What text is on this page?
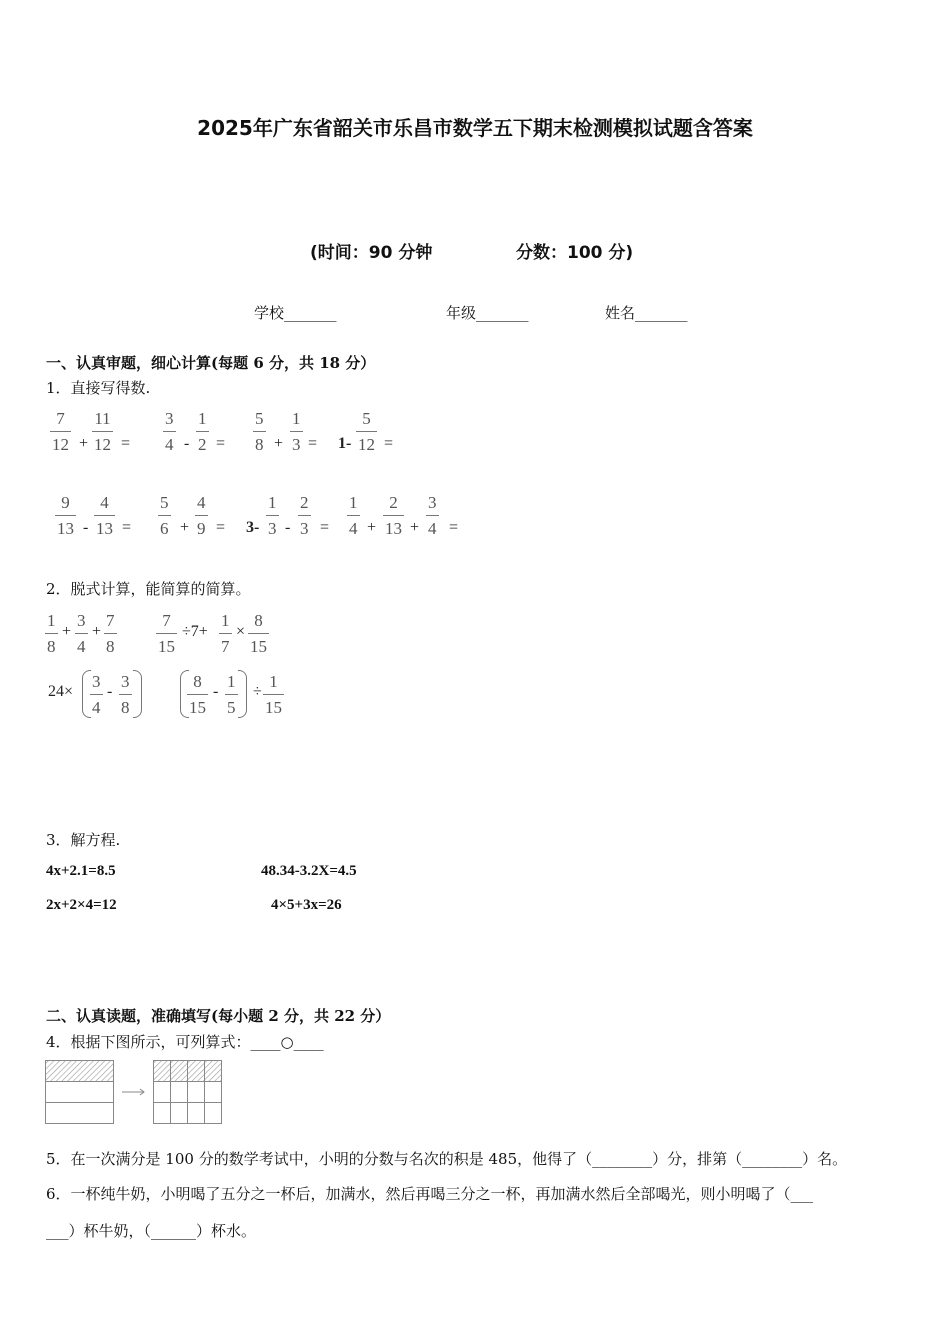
2025年广东省韶关市乐昌市数学五下期末检测模拟试题含答案
(时间：90 分钟	分数：100 分)
学校_______	年级_______	姓名_______
一、认真审题，细心计算(每题 6 分，共 18 分）
1．直接写得数.
$\frac{7}{12} + \frac{11}{12} = \frac{3}{4} - \frac{1}{2} = \frac{5}{8} + \frac{1}{3} = 1- \frac{5}{12}$ =
$\frac{9}{13} - \frac{4}{13} = \frac{5}{6} + \frac{4}{9} = 3- \frac{1}{3} - \frac{2}{3} = \frac{1}{4} + \frac{2}{13} + \frac{3}{4}$ =
2．脱式计算，能简算的简算。
$\frac{1}{8} + \frac{3}{4} + \frac{7}{8} \frac{7}{15} \div 7+ \frac{1}{7} \times \frac{8}{15}$
$24\times \frac{3}{4} - \frac{3}{8}$	$\frac{8}{15} - \frac{1}{5} \div \frac{1}{15}$
3．解方程.
4x+2.1=8.5	48.34-3.2X=4.5
2x+2×4=12	4×5+3x=26
二、认真读题，准确填写(每小题 2 分，共 22 分）
4．根据下图所示，可列算式：____○____
5．在一次满分是 100 分的数学考试中，小明的分数与名次的积是 485，他得了（________）分，排第（________）名。
6．一杯纯牛奶，小明喝了五分之一杯后，加满水，然后再喝三分之一杯，再加满水然后全部喝光，则小明喝了（___
___）杯牛奶，（______）杯水。
